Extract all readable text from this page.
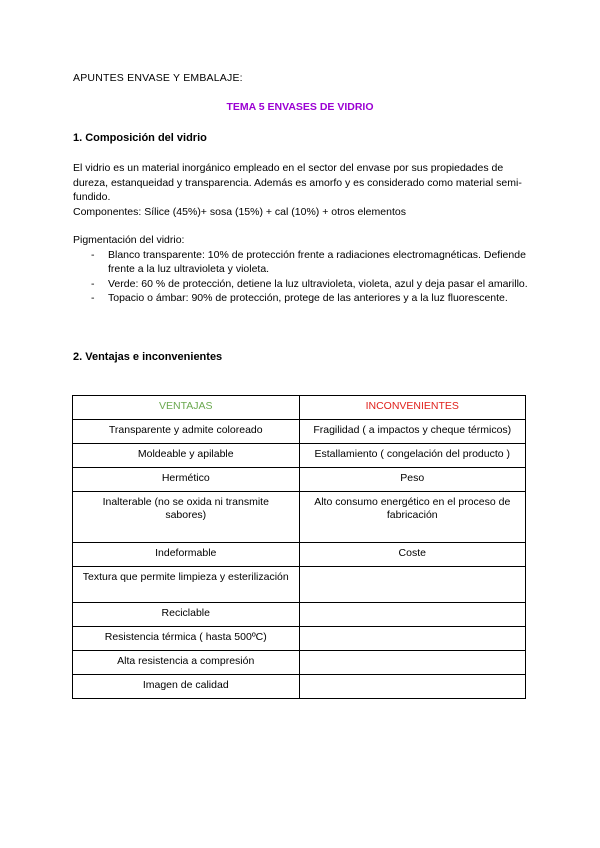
APUNTES ENVASE Y EMBALAJE:
TEMA 5 ENVASES DE VIDRIO
1. Composición del vidrio

El vidrio es un material inorgánico empleado en el sector del envase por sus propiedades de dureza, estanqueidad y transparencia. Además es amorfo y es considerado como material semi-fundido.

Componentes: Sílice (45%)+ sosa (15%) + cal (10%) + otros elementos

Pigmentación del vidrio:

- Blanco transparente: 10% de protección frente a radiaciones electromagnéticas. Defiende frente a la luz ultravioleta y violeta.
- Verde: 60 % de protección, detiene la luz ultravioleta, violeta, azul y deja pasar el amarillo.
- Topacio o ámbar: 90% de protección, protege de las anteriores y a la luz fluorescente.
2. Ventajas e inconvenientes
VENTAJAS	INCONVENIENTES
Transparente y admite coloreado	Fragilidad ( a impactos y cheque térmicos)
Moldeable y apilable	Estallamiento ( congelación del producto )
Hermético	Peso
Inalterable (no se oxida ni transmite sabores)	Alto consumo energético en el proceso de fabricación
Indeformable	Coste
Textura que permite limpieza y esterilización	
Reciclable	
Resistencia térmica ( hasta 500ºC)	
Alta resistencia a compresión	
Imagen de calidad	
